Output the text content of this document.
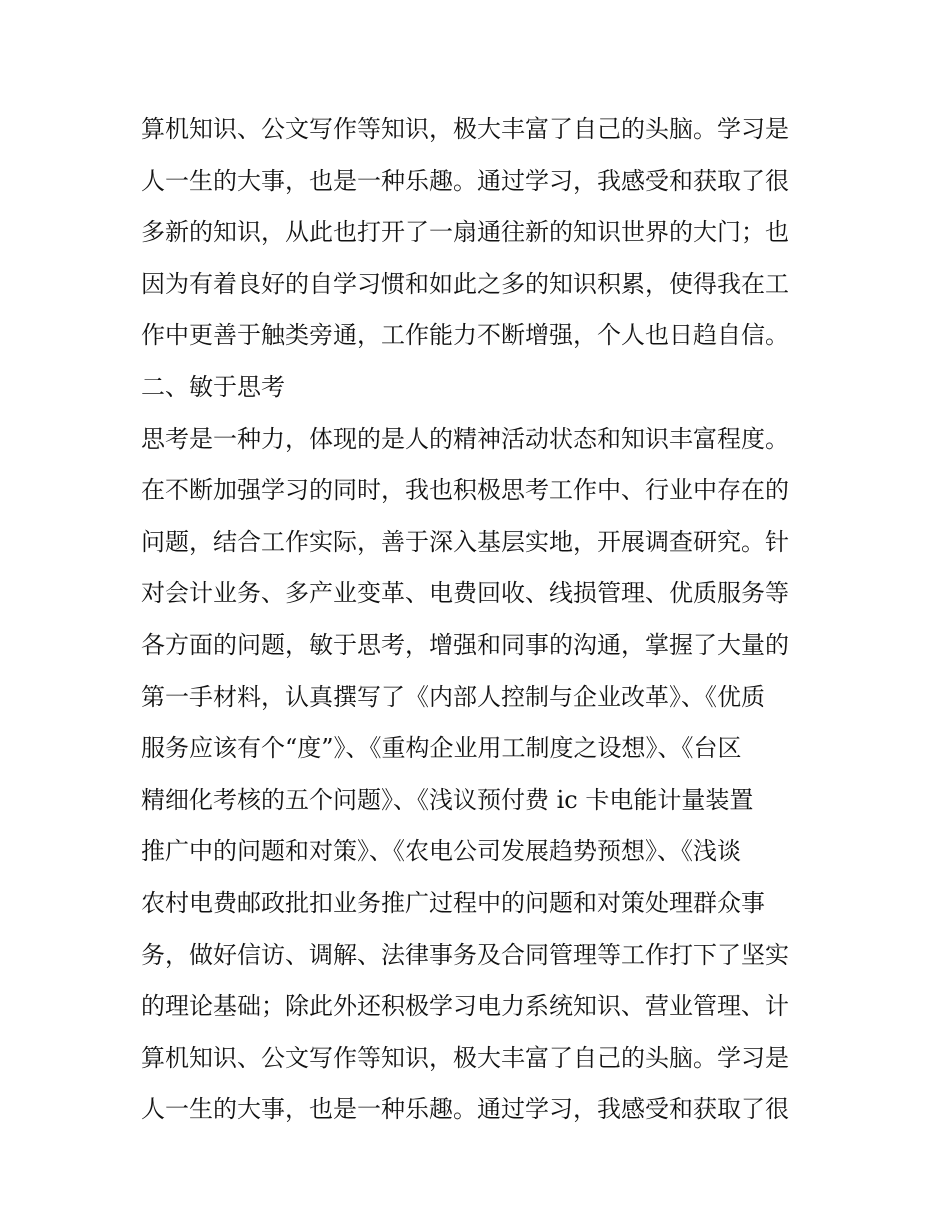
算机知识、公文写作等知识，极大丰富了自己的头脑。学习是
人一生的大事，也是一种乐趣。通过学习，我感受和获取了很
多新的知识，从此也打开了一扇通往新的知识世界的大门；也
因为有着良好的自学习惯和如此之多的知识积累，使得我在工
作中更善于触类旁通，工作能力不断增强，个人也日趋自信。
二、敏于思考
思考是一种力，体现的是人的精神活动状态和知识丰富程度。
在不断加强学习的同时，我也积极思考工作中、行业中存在的
问题，结合工作实际，善于深入基层实地，开展调查研究。针
对会计业务、多产业变革、电费回收、线损管理、优质服务等
各方面的问题，敏于思考，增强和同事的沟通，掌握了大量的
第一手材料，认真撰写了《内部人控制与企业改革》、《优质
服务应该有个“度”》、《重构企业用工制度之设想》、《台区
精细化考核的五个问题》、《浅议预付费 ic 卡电能计量装置
推广中的问题和对策》、《农电公司发展趋势预想》、《浅谈
农村电费邮政批扣业务推广过程中的问题和对策处理群众事
务，做好信访、调解、法律事务及合同管理等工作打下了坚实
的理论基础；除此外还积极学习电力系统知识、营业管理、计
算机知识、公文写作等知识，极大丰富了自己的头脑。学习是
人一生的大事，也是一种乐趣。通过学习，我感受和获取了很
